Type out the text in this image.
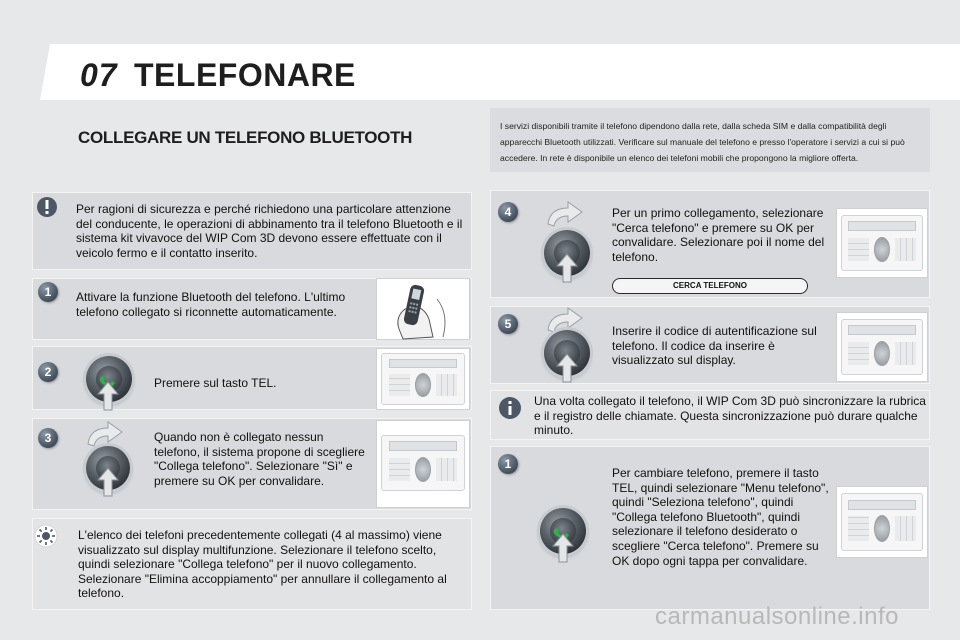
07 TELEFONARE
COLLEGARE UN TELEFONO BLUETOOTH
I servizi disponibili tramite il telefono dipendono dalla rete, dalla scheda SIM e dalla compatibilità degli apparecchi Bluetooth utilizzati. Verificare sul manuale del telefono e presso l'operatore i servizi a cui si può accedere. In rete è disponibile un elenco dei telefoni mobili che propongono la migliore offerta.
Per ragioni di sicurezza e perché richiedono una particolare attenzione del conducente, le operazioni di abbinamento tra il telefono Bluetooth e il sistema kit vivavoce del WIP Com 3D devono essere effettuate con il veicolo fermo e il contatto inserito.
1	Attivare la funzione Bluetooth del telefono. L'ultimo telefono collegato si riconnette automaticamente.
2
Premere sul tasto TEL.
3	Quando non è collegato nessun telefono, il sistema propone di scegliere "Collega telefono". Selezionare "Sì" e premere su OK per convalidare.
L'elenco dei telefoni precedentemente collegati (4 al massimo) viene visualizzato sul display multifunzione. Selezionare il telefono scelto, quindi selezionare "Collega telefono" per il nuovo collegamento. Selezionare "Elimina accoppiamento" per annullare il collegamento al telefono.
4	Per un primo collegamento, selezionare "Cerca telefono" e premere su OK per convalidare. Selezionare poi il nome del telefono.
CERCA TELEFONO
5	Inserire il codice di autentificazione sul telefono. Il codice da inserire è visualizzato sul display.
Una volta collegato il telefono, il WIP Com 3D può sincronizzare la rubrica e il registro delle chiamate. Questa sincronizzazione può durare qualche minuto.
1
Per cambiare telefono, premere il tasto TEL, quindi selezionare "Menu telefono", quindi "Seleziona telefono", quindi "Collega telefono Bluetooth", quindi selezionare il telefono desiderato o scegliere "Cerca telefono". Premere su OK dopo ogni tappa per convalidare.
carmanualsonline.info
